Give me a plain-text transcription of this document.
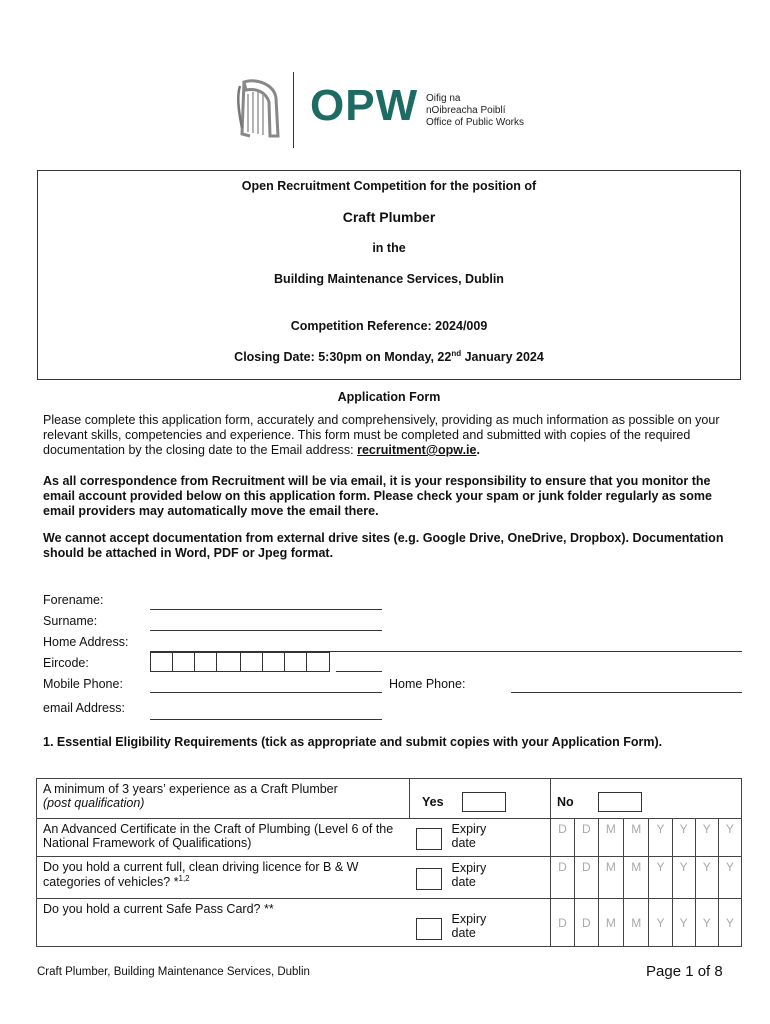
OPW Oifig na
nOibreacha Poiblí
Office of Public Works
Open Recruitment Competition for the position of
Craft Plumber
in the
Building Maintenance Services, Dublin
Competition Reference: 2024/009
Closing Date: 5:30pm on Monday, 22nd January 2024
Application Form
Please complete this application form, accurately and comprehensively, providing as much information as possible on your relevant skills, competencies and experience. This form must be completed and submitted with copies of the required documentation by the closing date to the Email address: recruitment@opw.ie.
As all correspondence from Recruitment will be via email, it is your responsibility to ensure that you monitor the email account provided below on this application form. Please check your spam or junk folder regularly as some email providers may automatically move the email there.
We cannot accept documentation from external drive sites (e.g. Google Drive, OneDrive, Dropbox). Documentation should be attached in Word, PDF or Jpeg format.
Forename:
Surname:
Home Address:
Eircode:
Mobile Phone:	Home Phone:
email Address:
1. Essential Eligibility Requirements (tick as appropriate and submit copies with your Application Form).
A minimum of 3 years’ experience as a Craft Plumber
(post qualification)	Yes	No							

An Advanced Certificate in the Craft of Plumbing (Level 6 of the National Framework of Qualifications)	Expiry date	D	D	M	M	Y	Y	Y	Y
Do you hold a current full, clean driving licence for B & W categories of vehicles? *$^{1,2}$	Expiry date	D	D	M	M	Y	Y	Y	Y
Do you hold a current Safe Pass Card? **	Expiry date	D	D	M	M	Y	Y	Y	Y
Craft Plumber, Building Maintenance Services, Dublin	Page 1 of 8
